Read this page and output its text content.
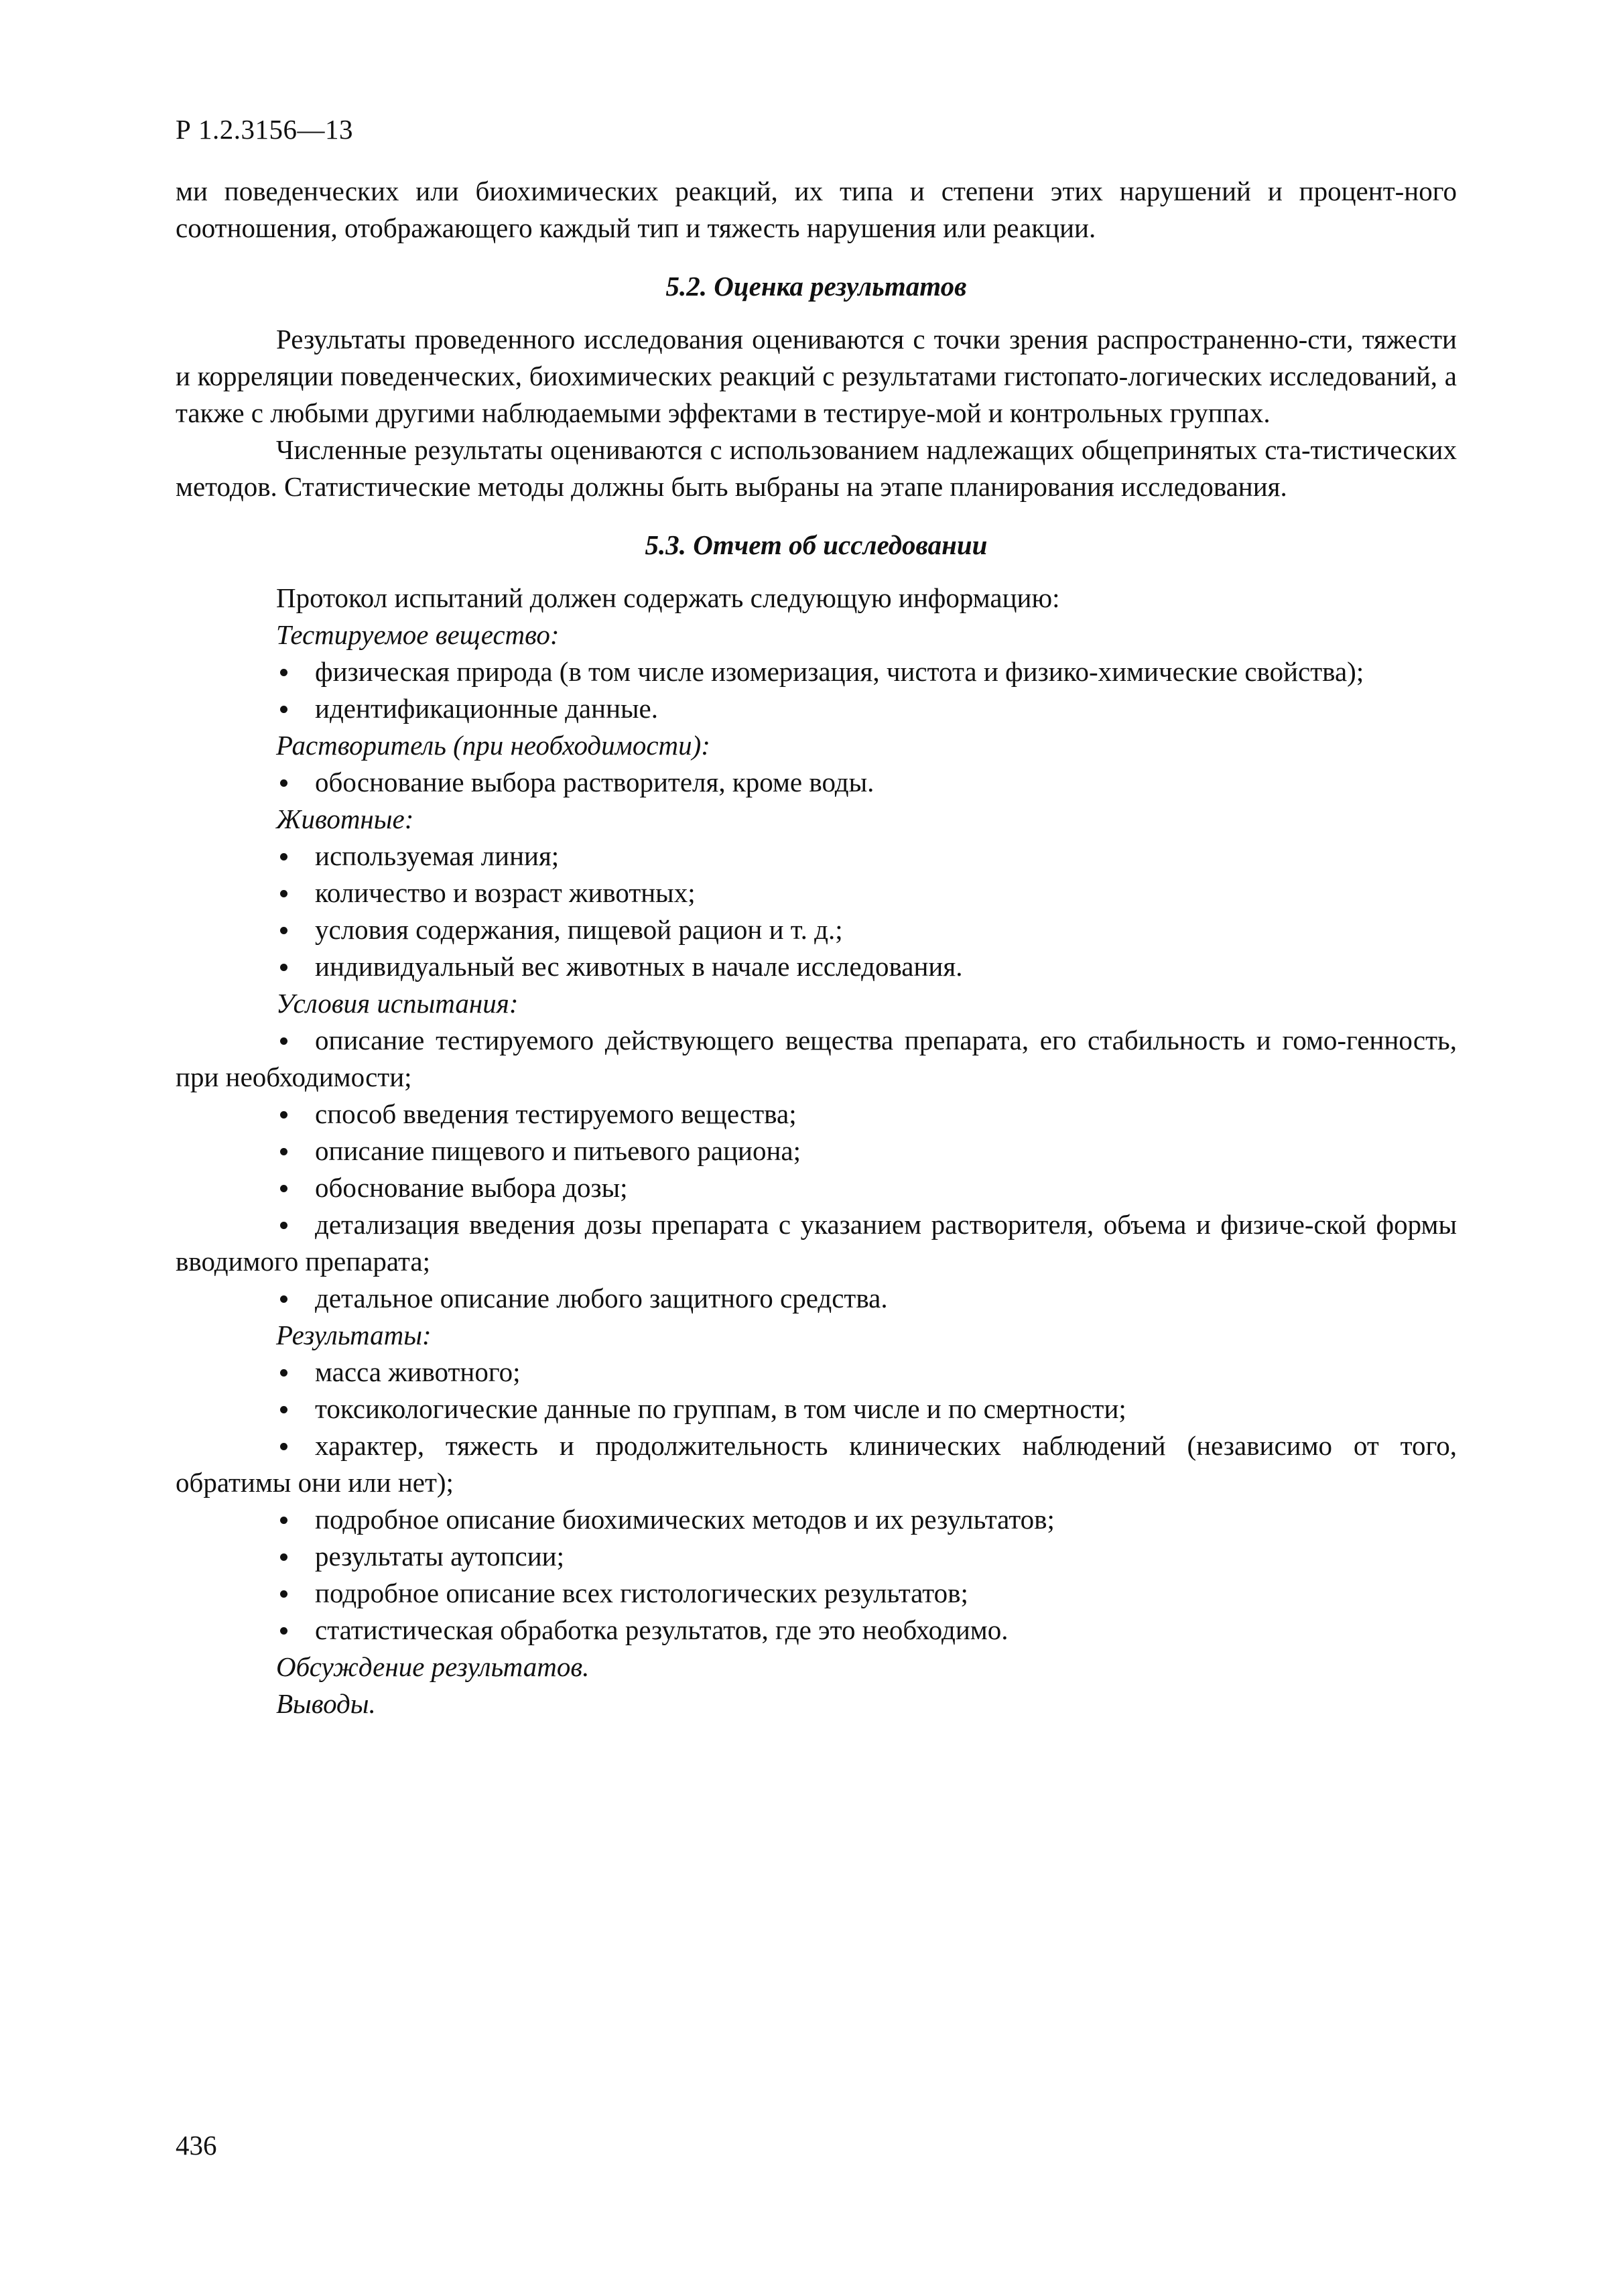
Р 1.2.3156—13

ми поведенческих или биохимических реакций, их типа и степени этих нарушений и процент-ного соотношения, отображающего каждый тип и тяжесть нарушения или реакции.

5.2. Оценка результатов

Результаты проведенного исследования оцениваются с точки зрения распространенно-сти, тяжести и корреляции поведенческих, биохимических реакций с результатами гистопато-логических исследований, а также с любыми другими наблюдаемыми эффектами в тестируе-мой и контрольных группах.

Численные результаты оцениваются с использованием надлежащих общепринятых ста-тистических методов. Статистические методы должны быть выбраны на этапе планирования исследования.

5.3. Отчет об исследовании

Протокол испытаний должен содержать следующую информацию:

Тестируемое вещество:

физическая природа (в том числе изомеризация, чистота и физико-химические свойства);

идентификационные данные.

Растворитель (при необходимости):

обоснование выбора растворителя, кроме воды.

Животные:

используемая линия;

количество и возраст животных;

условия содержания, пищевой рацион и т. д.;

индивидуальный вес животных в начале исследования.

Условия испытания:

описание тестируемого действующего вещества препарата, его стабильность и гомо-генность, при необходимости;

способ введения тестируемого вещества;

описание пищевого и питьевого рациона;

обоснование выбора дозы;

детализация введения дозы препарата с указанием растворителя, объема и физиче-ской формы вводимого препарата;

детальное описание любого защитного средства.

Результаты:

масса животного;

токсикологические данные по группам, в том числе и по смертности;

характер, тяжесть и продолжительность клинических наблюдений (независимо от того, обратимы они или нет);

подробное описание биохимических методов и их результатов;

результаты аутопсии;

подробное описание всех гистологических результатов;

статистическая обработка результатов, где это необходимо.

Обсуждение результатов.

Выводы.

436
